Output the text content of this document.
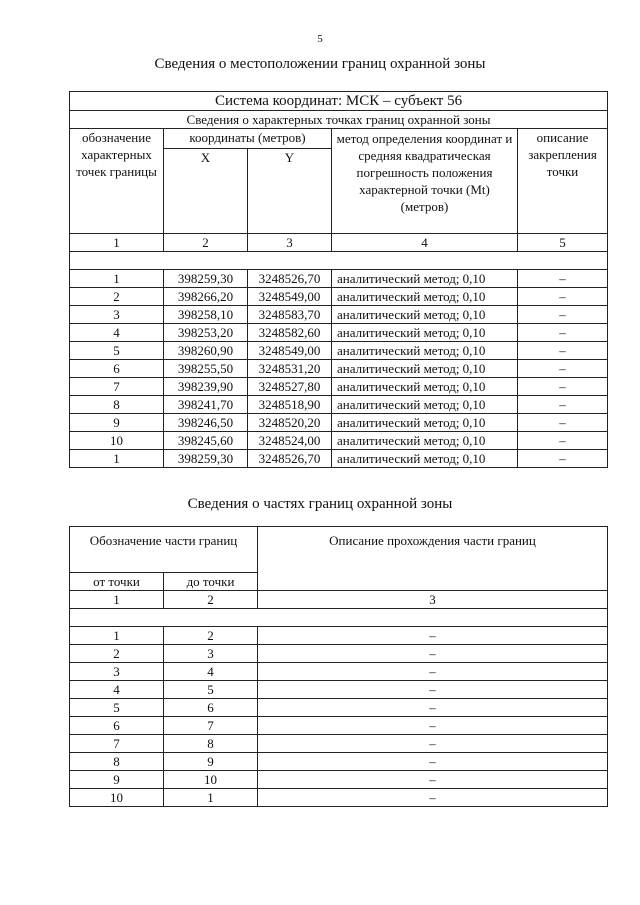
5
Сведения о местоположении границ охранной зоны
Система координат: МСК – субъект 56				
Сведения о характерных точках границ охранной зоны				
обозначение характерных точек границы	координаты (метров)		метод определения координат и средняя квадратическая погрешность положения характерной точки (Mt) (метров)	описание закрепления точки
	X	Y		
1	2	3	4	5

1	398259,30	3248526,70	аналитический метод; 0,10	–
2	398266,20	3248549,00	аналитический метод; 0,10	–
3	398258,10	3248583,70	аналитический метод; 0,10	–
4	398253,20	3248582,60	аналитический метод; 0,10	–
5	398260,90	3248549,00	аналитический метод; 0,10	–
6	398255,50	3248531,20	аналитический метод; 0,10	–
7	398239,90	3248527,80	аналитический метод; 0,10	–
8	398241,70	3248518,90	аналитический метод; 0,10	–
9	398246,50	3248520,20	аналитический метод; 0,10	–
10	398245,60	3248524,00	аналитический метод; 0,10	–
1	398259,30	3248526,70	аналитический метод; 0,10	–
Сведения о частях границ охранной зоны
Обозначение части границ		Описание прохождения части границ
от точки	до точки	
1	2	3

1	2	–
2	3	–
3	4	–
4	5	–
5	6	–
6	7	–
7	8	–
8	9	–
9	10	–
10	1	–
